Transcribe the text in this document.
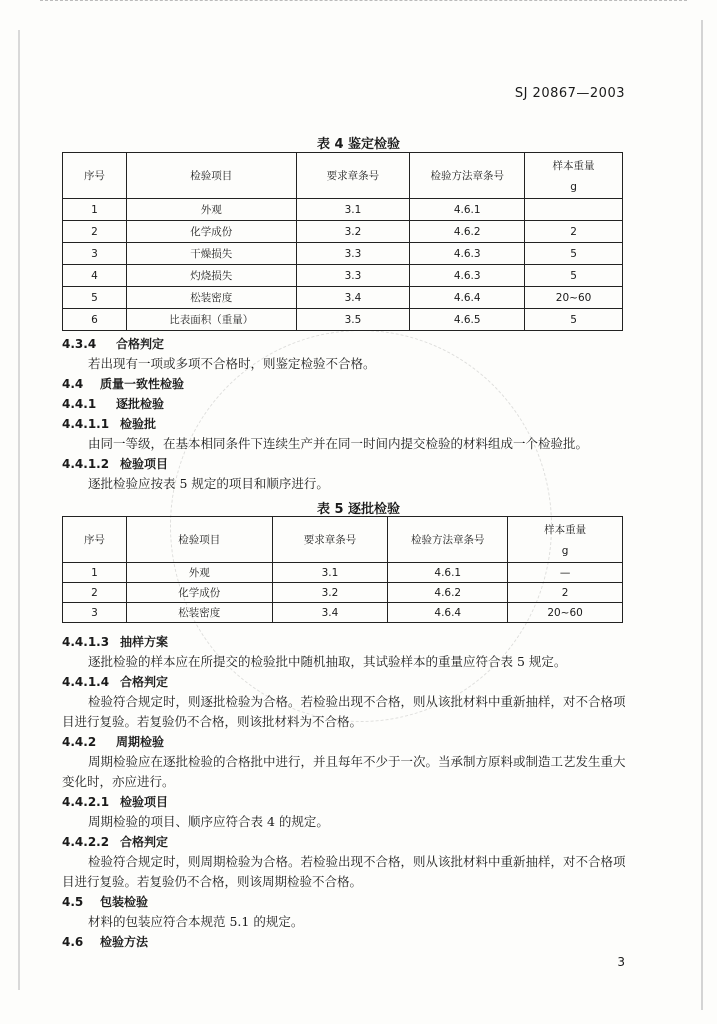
SJ 20867—2003
表 4 鉴定检验
序号	检验项目	要求章条号	检验方法章条号	样本重量
g

1	外观	3.1	4.6.1	
2	化学成份	3.2	4.6.2	2
3	干燥损失	3.3	4.6.3	5
4	灼烧损失	3.3	4.6.3	5
5	松装密度	3.4	4.6.4	20~60
6	比表面积（重量）	3.5	4.6.5	5
4.3.4 合格判定
若出现有一项或多项不合格时，则鉴定检验不合格。
4.4 质量一致性检验
4.4.1 逐批检验
4.4.1.1 检验批
由同一等级，在基本相同条件下连续生产并在同一时间内提交检验的材料组成一个检验批。
4.4.1.2 检验项目
逐批检验应按表 5 规定的项目和顺序进行。
表 5 逐批检验
序号	检验项目	要求章条号	检验方法章条号	样本重量
g

1	外观	3.1	4.6.1	—
2	化学成份	3.2	4.6.2	2
3	松装密度	3.4	4.6.4	20~60
4.4.1.3 抽样方案
逐批检验的样本应在所提交的检验批中随机抽取，其试验样本的重量应符合表 5 规定。
4.4.1.4 合格判定
检验符合规定时，则逐批检验为合格。若检验出现不合格，则从该批材料中重新抽样，对不合格项
目进行复验。若复验仍不合格，则该批材料为不合格。
4.4.2 周期检验
周期检验应在逐批检验的合格批中进行，并且每年不少于一次。当承制方原料或制造工艺发生重大
变化时，亦应进行。
4.4.2.1 检验项目
周期检验的项目、顺序应符合表 4 的规定。
4.4.2.2 合格判定
检验符合规定时，则周期检验为合格。若检验出现不合格，则从该批材料中重新抽样，对不合格项
目进行复验。若复验仍不合格，则该周期检验不合格。
4.5 包装检验
材料的包装应符合本规范 5.1 的规定。
4.6 检验方法
3
